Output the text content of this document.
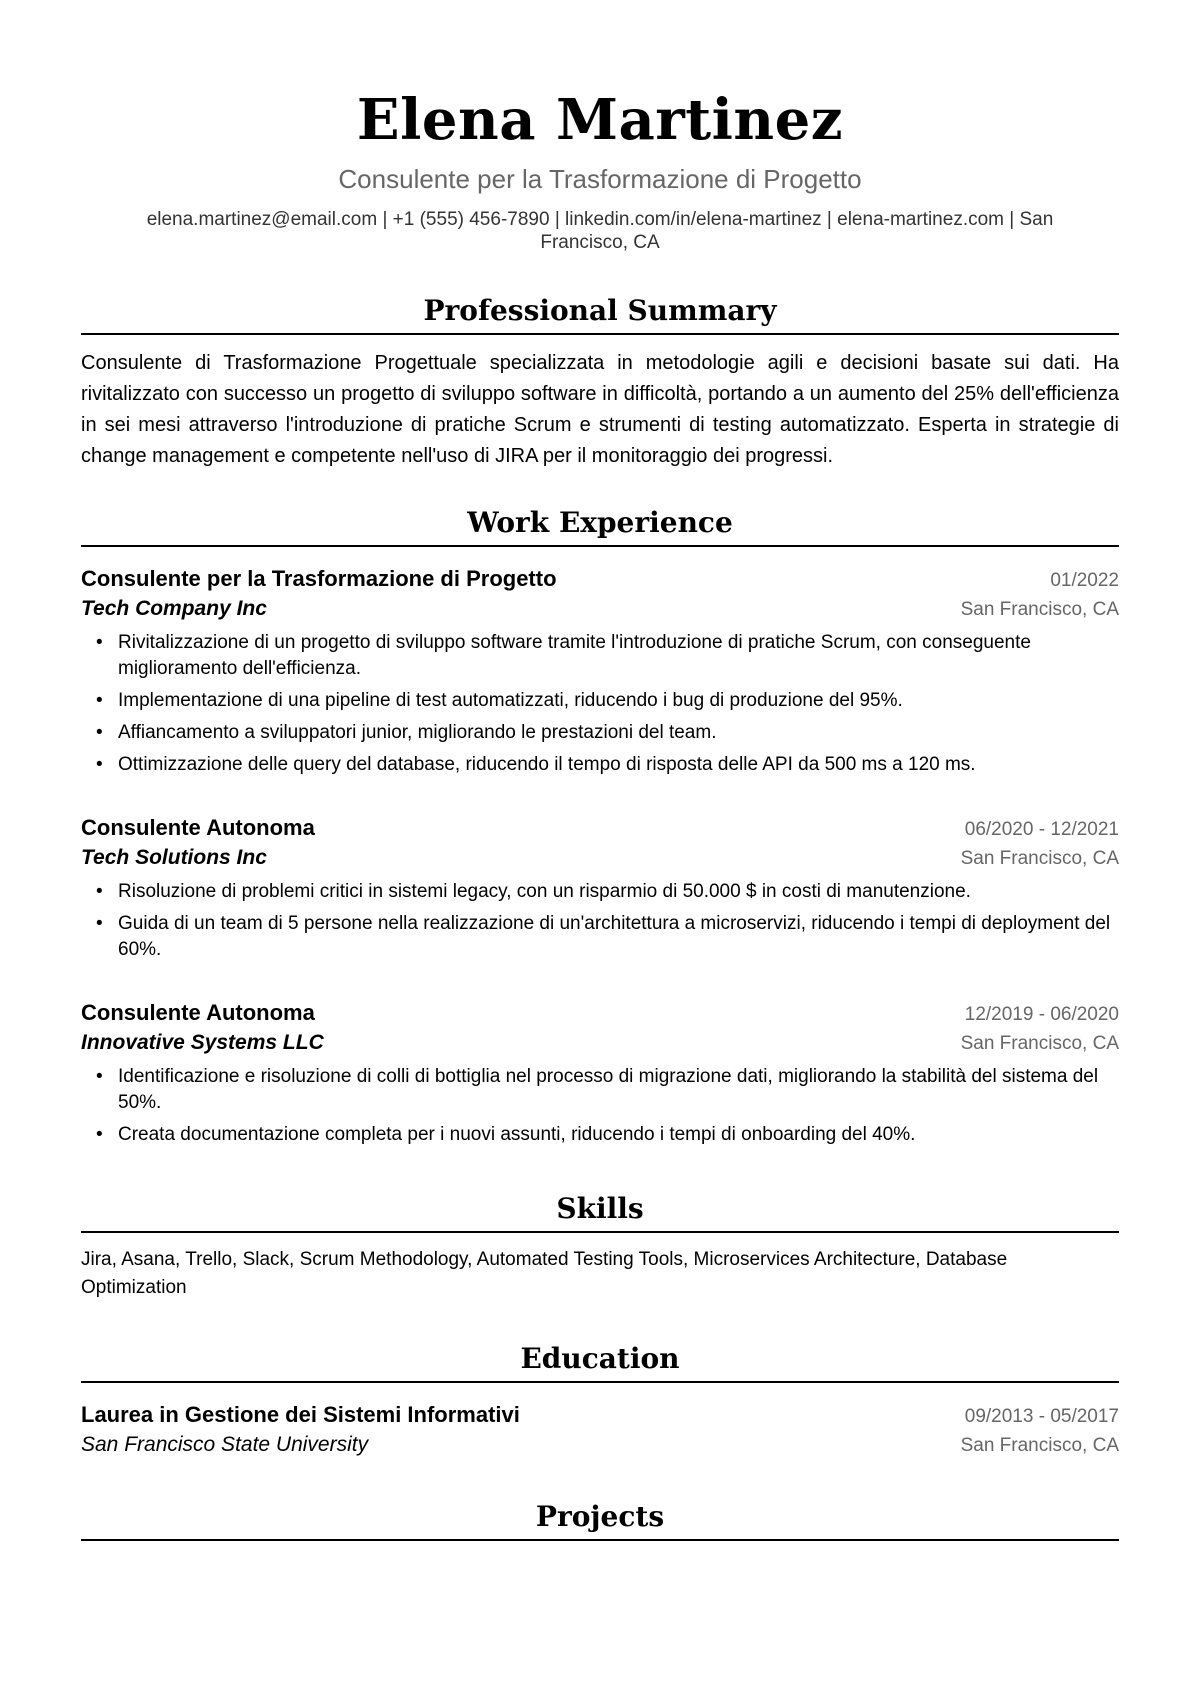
Elena Martinez
Consulente per la Trasformazione di Progetto
elena.martinez@email.com | +1 (555) 456-7890 | linkedin.com/in/elena-martinez | elena-martinez.com | San Francisco, CA
Professional Summary
Consulente di Trasformazione Progettuale specializzata in metodologie agili e decisioni basate sui dati. Ha rivitalizzato con successo un progetto di sviluppo software in difficoltà, portando a un aumento del 25% dell'efficienza in sei mesi attraverso l'introduzione di pratiche Scrum e strumenti di testing automatizzato. Esperta in strategie di change management e competente nell'uso di JIRA per il monitoraggio dei progressi.
Work Experience
Consulente per la Trasformazione di Progetto	01/2022
Tech Company Inc	San Francisco, CA
• Rivitalizzazione di un progetto di sviluppo software tramite l'introduzione di pratiche Scrum, con conseguente miglioramento dell'efficienza.
• Implementazione di una pipeline di test automatizzati, riducendo i bug di produzione del 95%.
• Affiancamento a sviluppatori junior, migliorando le prestazioni del team.
• Ottimizzazione delle query del database, riducendo il tempo di risposta delle API da 500 ms a 120 ms.
Consulente Autonoma	06/2020 - 12/2021
Tech Solutions Inc	San Francisco, CA
• Risoluzione di problemi critici in sistemi legacy, con un risparmio di 50.000 $ in costi di manutenzione.
• Guida di un team di 5 persone nella realizzazione di un'architettura a microservizi, riducendo i tempi di deployment del 60%.
Consulente Autonoma	12/2019 - 06/2020
Innovative Systems LLC	San Francisco, CA
• Identificazione e risoluzione di colli di bottiglia nel processo di migrazione dati, migliorando la stabilità del sistema del 50%.
• Creata documentazione completa per i nuovi assunti, riducendo i tempi di onboarding del 40%.
Skills
Jira, Asana, Trello, Slack, Scrum Methodology, Automated Testing Tools, Microservices Architecture, Database Optimization
Education
Laurea in Gestione dei Sistemi Informativi	09/2013 - 05/2017
San Francisco State University	San Francisco, CA
Projects
